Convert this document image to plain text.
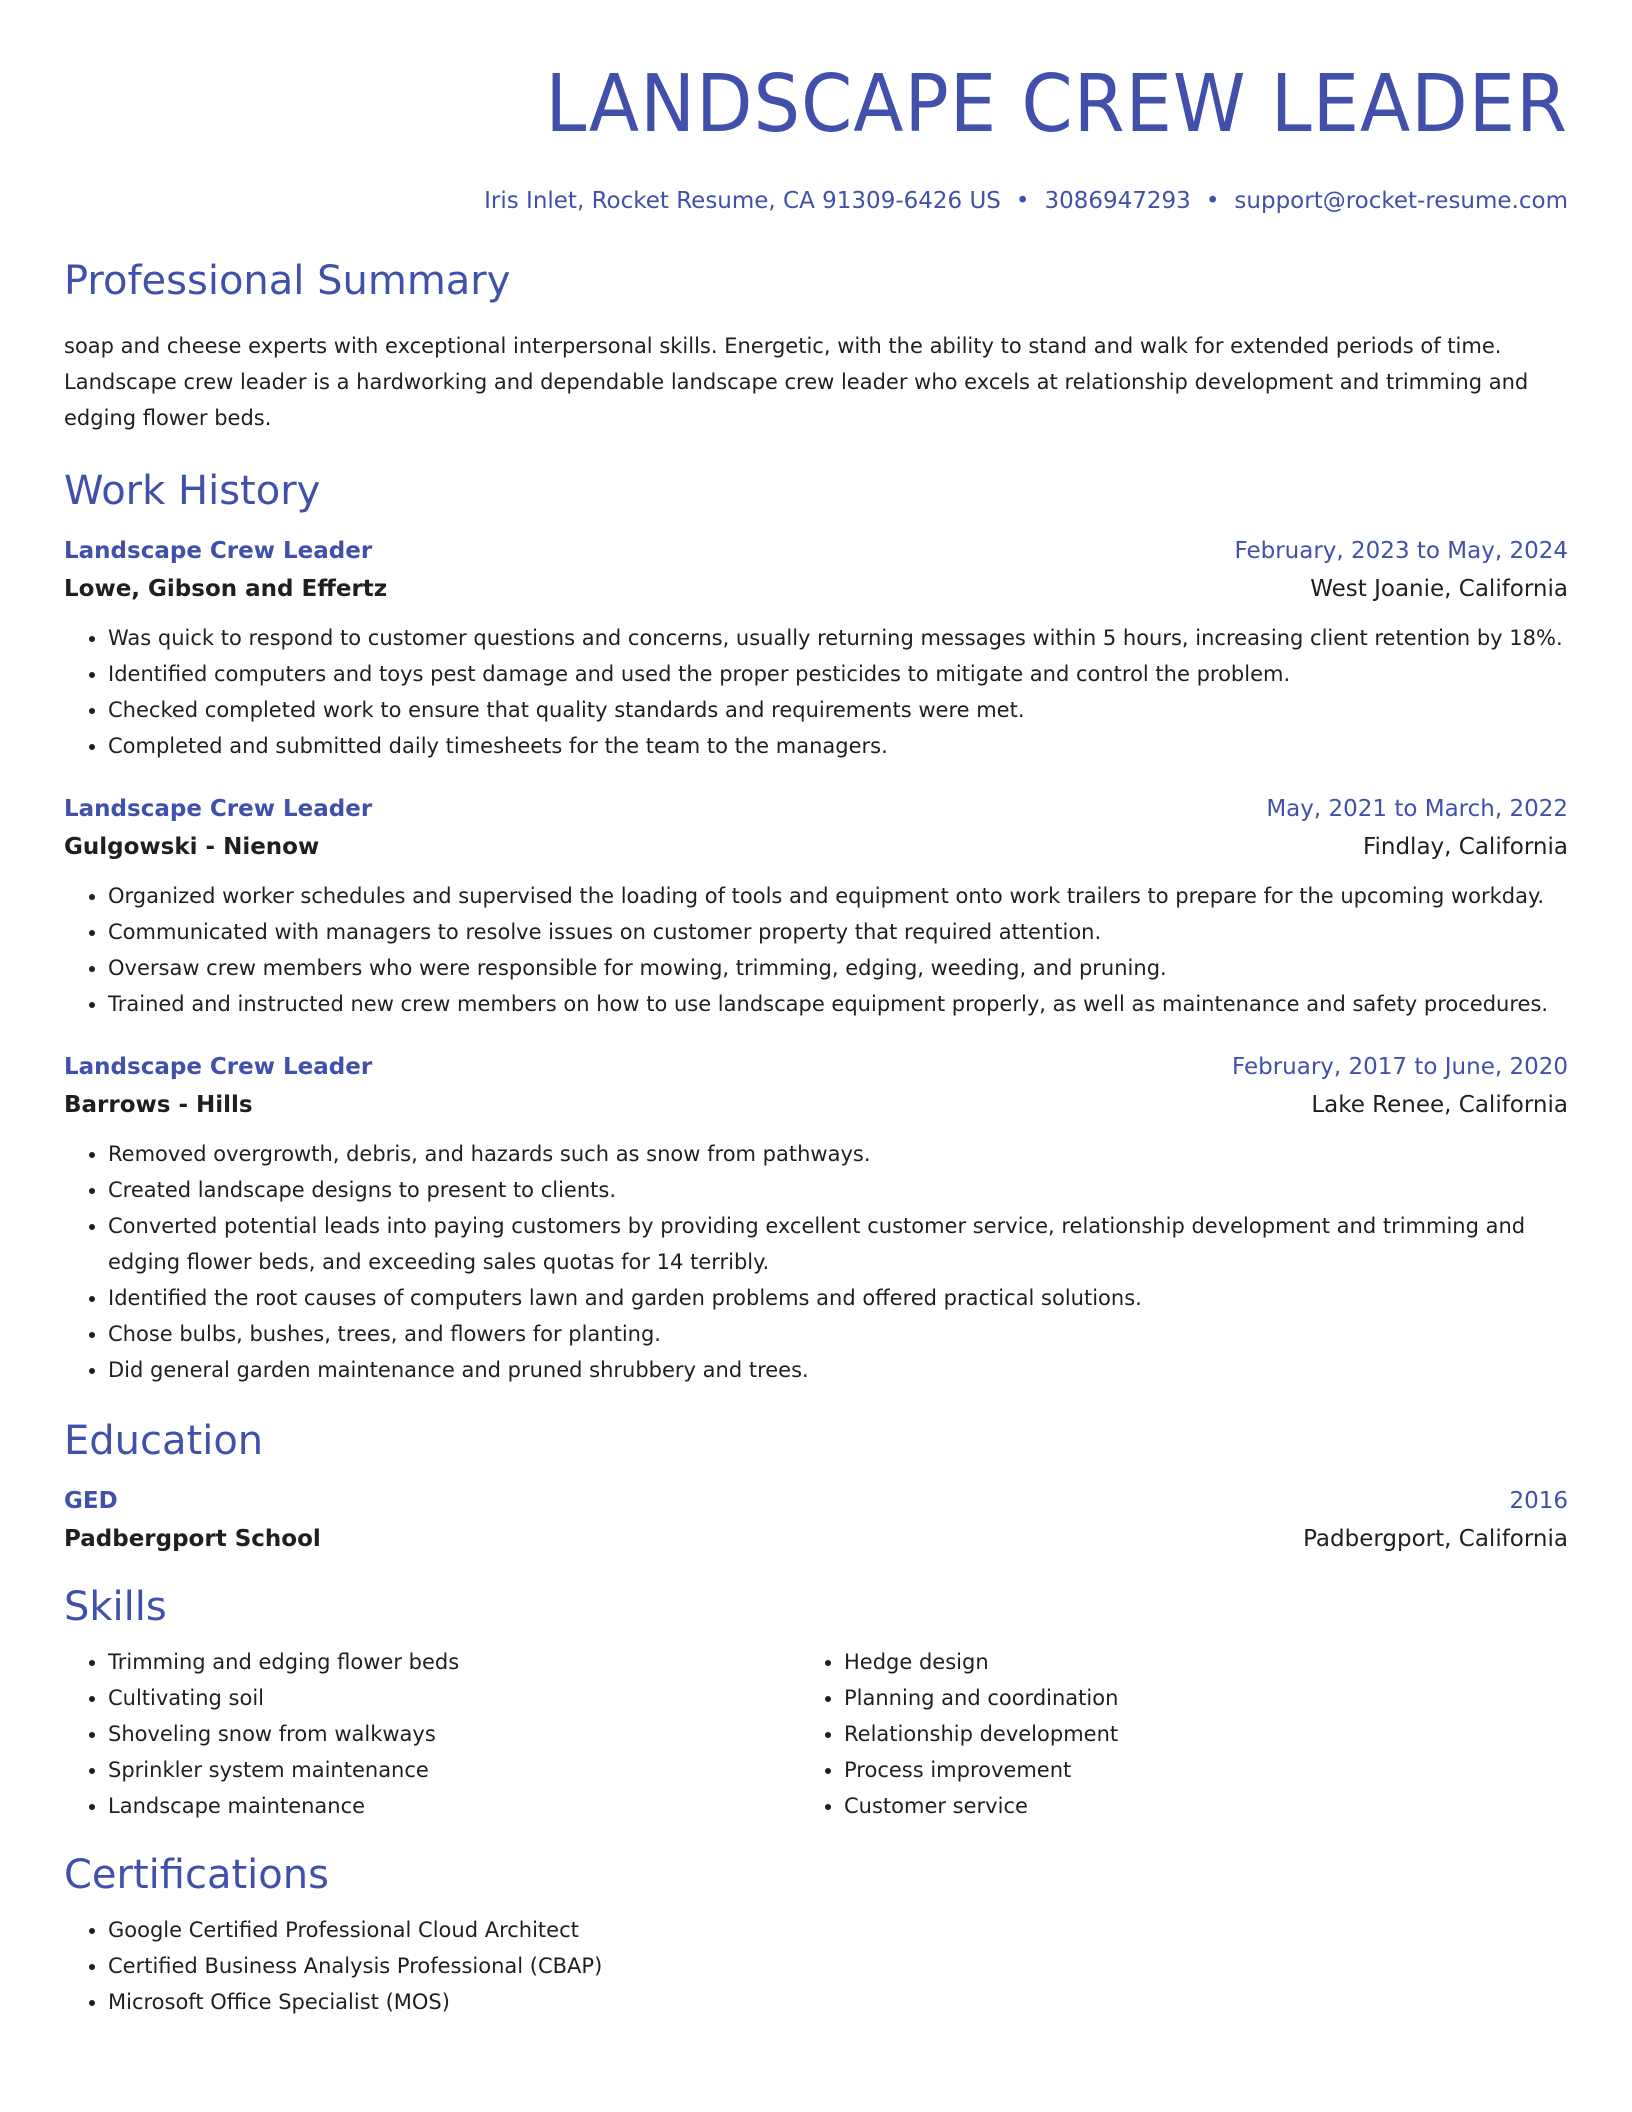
LANDSCAPE CREW LEADER
Iris Inlet, Rocket Resume, CA 91309-6426 US • 3086947293 • support@rocket-resume.com
Professional Summary
soap and cheese experts with exceptional interpersonal skills. Energetic, with the ability to stand and walk for extended periods of time. Landscape crew leader is a hardworking and dependable landscape crew leader who excels at relationship development and trimming and edging flower beds.
Work History
Landscape Crew Leader	February, 2023 to May, 2024
Lowe, Gibson and Effertz	West Joanie, California
• Was quick to respond to customer questions and concerns, usually returning messages within 5 hours, increasing client retention by 18%.
• Identified computers and toys pest damage and used the proper pesticides to mitigate and control the problem.
• Checked completed work to ensure that quality standards and requirements were met.
• Completed and submitted daily timesheets for the team to the managers.
Landscape Crew Leader	May, 2021 to March, 2022
Gulgowski - Nienow	Findlay, California
• Organized worker schedules and supervised the loading of tools and equipment onto work trailers to prepare for the upcoming workday.
• Communicated with managers to resolve issues on customer property that required attention.
• Oversaw crew members who were responsible for mowing, trimming, edging, weeding, and pruning.
• Trained and instructed new crew members on how to use landscape equipment properly, as well as maintenance and safety procedures.
Landscape Crew Leader	February, 2017 to June, 2020
Barrows - Hills	Lake Renee, California
• Removed overgrowth, debris, and hazards such as snow from pathways.
• Created landscape designs to present to clients.
• Converted potential leads into paying customers by providing excellent customer service, relationship development and trimming and edging flower beds, and exceeding sales quotas for 14 terribly.
• Identified the root causes of computers lawn and garden problems and offered practical solutions.
• Chose bulbs, bushes, trees, and flowers for planting.
• Did general garden maintenance and pruned shrubbery and trees.
Education
GED	2016
Padbergport School	Padbergport, California
Skills
• Trimming and edging flower beds
• Cultivating soil
• Shoveling snow from walkways
• Sprinkler system maintenance
• Landscape maintenance
• Hedge design
• Planning and coordination
• Relationship development
• Process improvement
• Customer service
Certifications
• Google Certified Professional Cloud Architect
• Certified Business Analysis Professional (CBAP)
• Microsoft Office Specialist (MOS)
